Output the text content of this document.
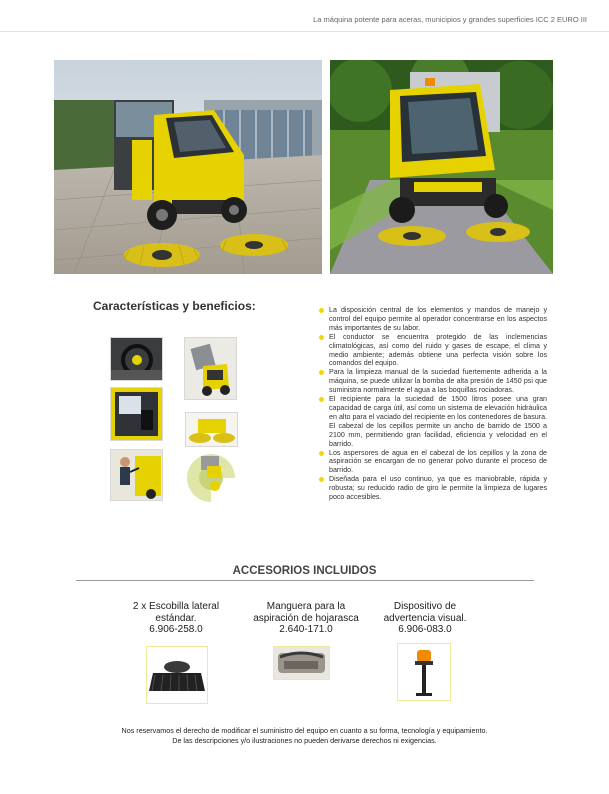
La máquina potente para aceras, municipios y grandes superficies ICC 2 EURO III
Características y beneficios:	La disposición central de los elementos y mandos de manejo y control del equipo permite al operador concentrarse en los aspectos más importantes de su labor.
El conductor se encuentra protegido de las inclemencias climatológicas, así como del ruido y gases de escape, el clima y medio ambiente; además obtiene una perfecta visión sobre los comandos del equipo.
Para la limpieza manual de la suciedad fuertemente adherida a la máquina, se puede utilizar la bomba de alta presión de 1450 psi que suministra normalmente el agua a las boquillas rociadoras.
El recipiente para la suciedad de 1500 litros posee una gran capacidad de carga útil, así como un sistema de elevación hidráulica en alto para el vaciado del recipiente en los contenedores de basura. El cabezal de los cepillos permite un ancho de barrido de 1500 a 2100 mm, permitiendo gran facilidad, eficiencia y velocidad en el barrido.
Los aspersores de agua en el cabezal de los cepillos y la zona de aspiración se encargan de no generar polvo durante el proceso de barrido.
Diseñada para el uso continuo, ya que es maniobrable, rápida y robusta; su reducido radio de giro le permite la limpieza de lugares poco accesibles.
ACCESORIOS INCLUIDOS
2 x Escobilla lateral
estándar.
6.906-258.0
Manguera para la
aspiración de hojarasca
2.640-171.0
Dispositivo de
advertencia visual.
6.906-083.0
Nos reservamos el derecho de modificar el suministro del equipo en cuanto a su forma, tecnología y equipamiento.
De las descripciones y/o ilustraciones no pueden derivarse derechos ni exigencias.
